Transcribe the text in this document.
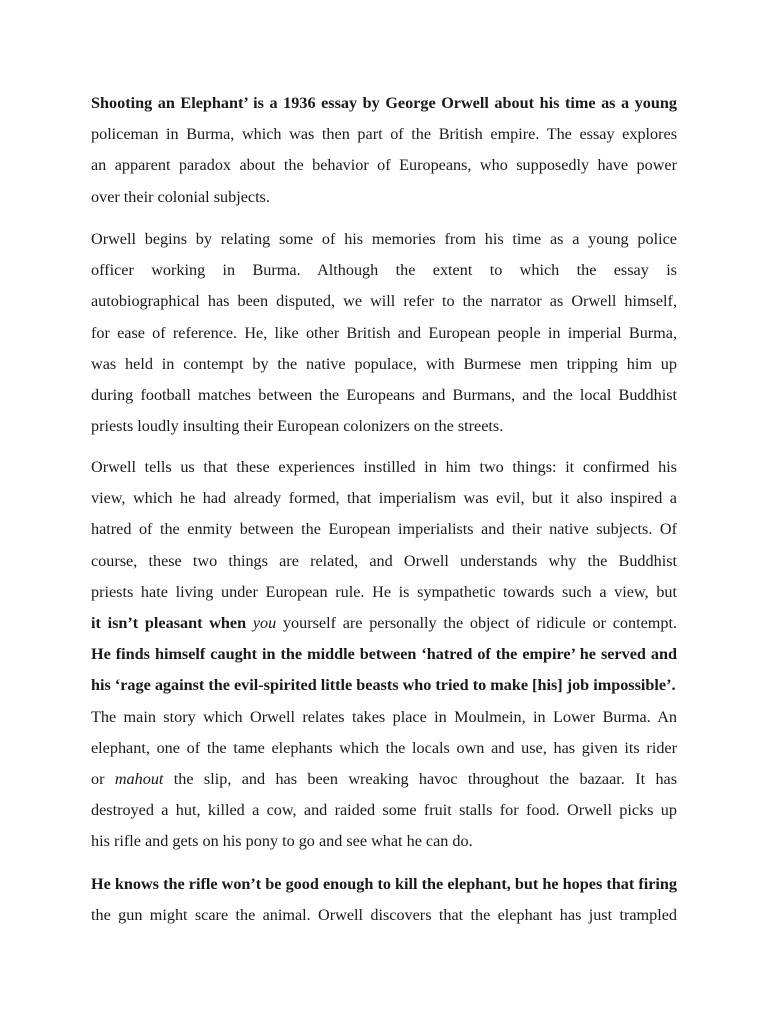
Shooting an Elephant’ is a 1936 essay by George Orwell about his time as a young
policeman in Burma, which was then part of the British empire. The essay explores
an apparent paradox about the behavior of Europeans, who supposedly have power
over their colonial subjects.
Orwell begins by relating some of his memories from his time as a young police
officer working in Burma. Although the extent to which the essay is
autobiographical has been disputed, we will refer to the narrator as Orwell himself,
for ease of reference. He, like other British and European people in imperial Burma,
was held in contempt by the native populace, with Burmese men tripping him up
during football matches between the Europeans and Burmans, and the local Buddhist
priests loudly insulting their European colonizers on the streets.
Orwell tells us that these experiences instilled in him two things: it confirmed his
view, which he had already formed, that imperialism was evil, but it also inspired a
hatred of the enmity between the European imperialists and their native subjects. Of
course, these two things are related, and Orwell understands why the Buddhist
priests hate living under European rule. He is sympathetic towards such a view, but
it isn’t pleasant when you yourself are personally the object of ridicule or contempt.
He finds himself caught in the middle between ‘hatred of the empire’ he served and
his ‘rage against the evil-spirited little beasts who tried to make [his] job impossible’.
The main story which Orwell relates takes place in Moulmein, in Lower Burma. An
elephant, one of the tame elephants which the locals own and use, has given its rider
or mahout the slip, and has been wreaking havoc throughout the bazaar. It has
destroyed a hut, killed a cow, and raided some fruit stalls for food. Orwell picks up
his rifle and gets on his pony to go and see what he can do.
He knows the rifle won’t be good enough to kill the elephant, but he hopes that firing
the gun might scare the animal. Orwell discovers that the elephant has just trampled
